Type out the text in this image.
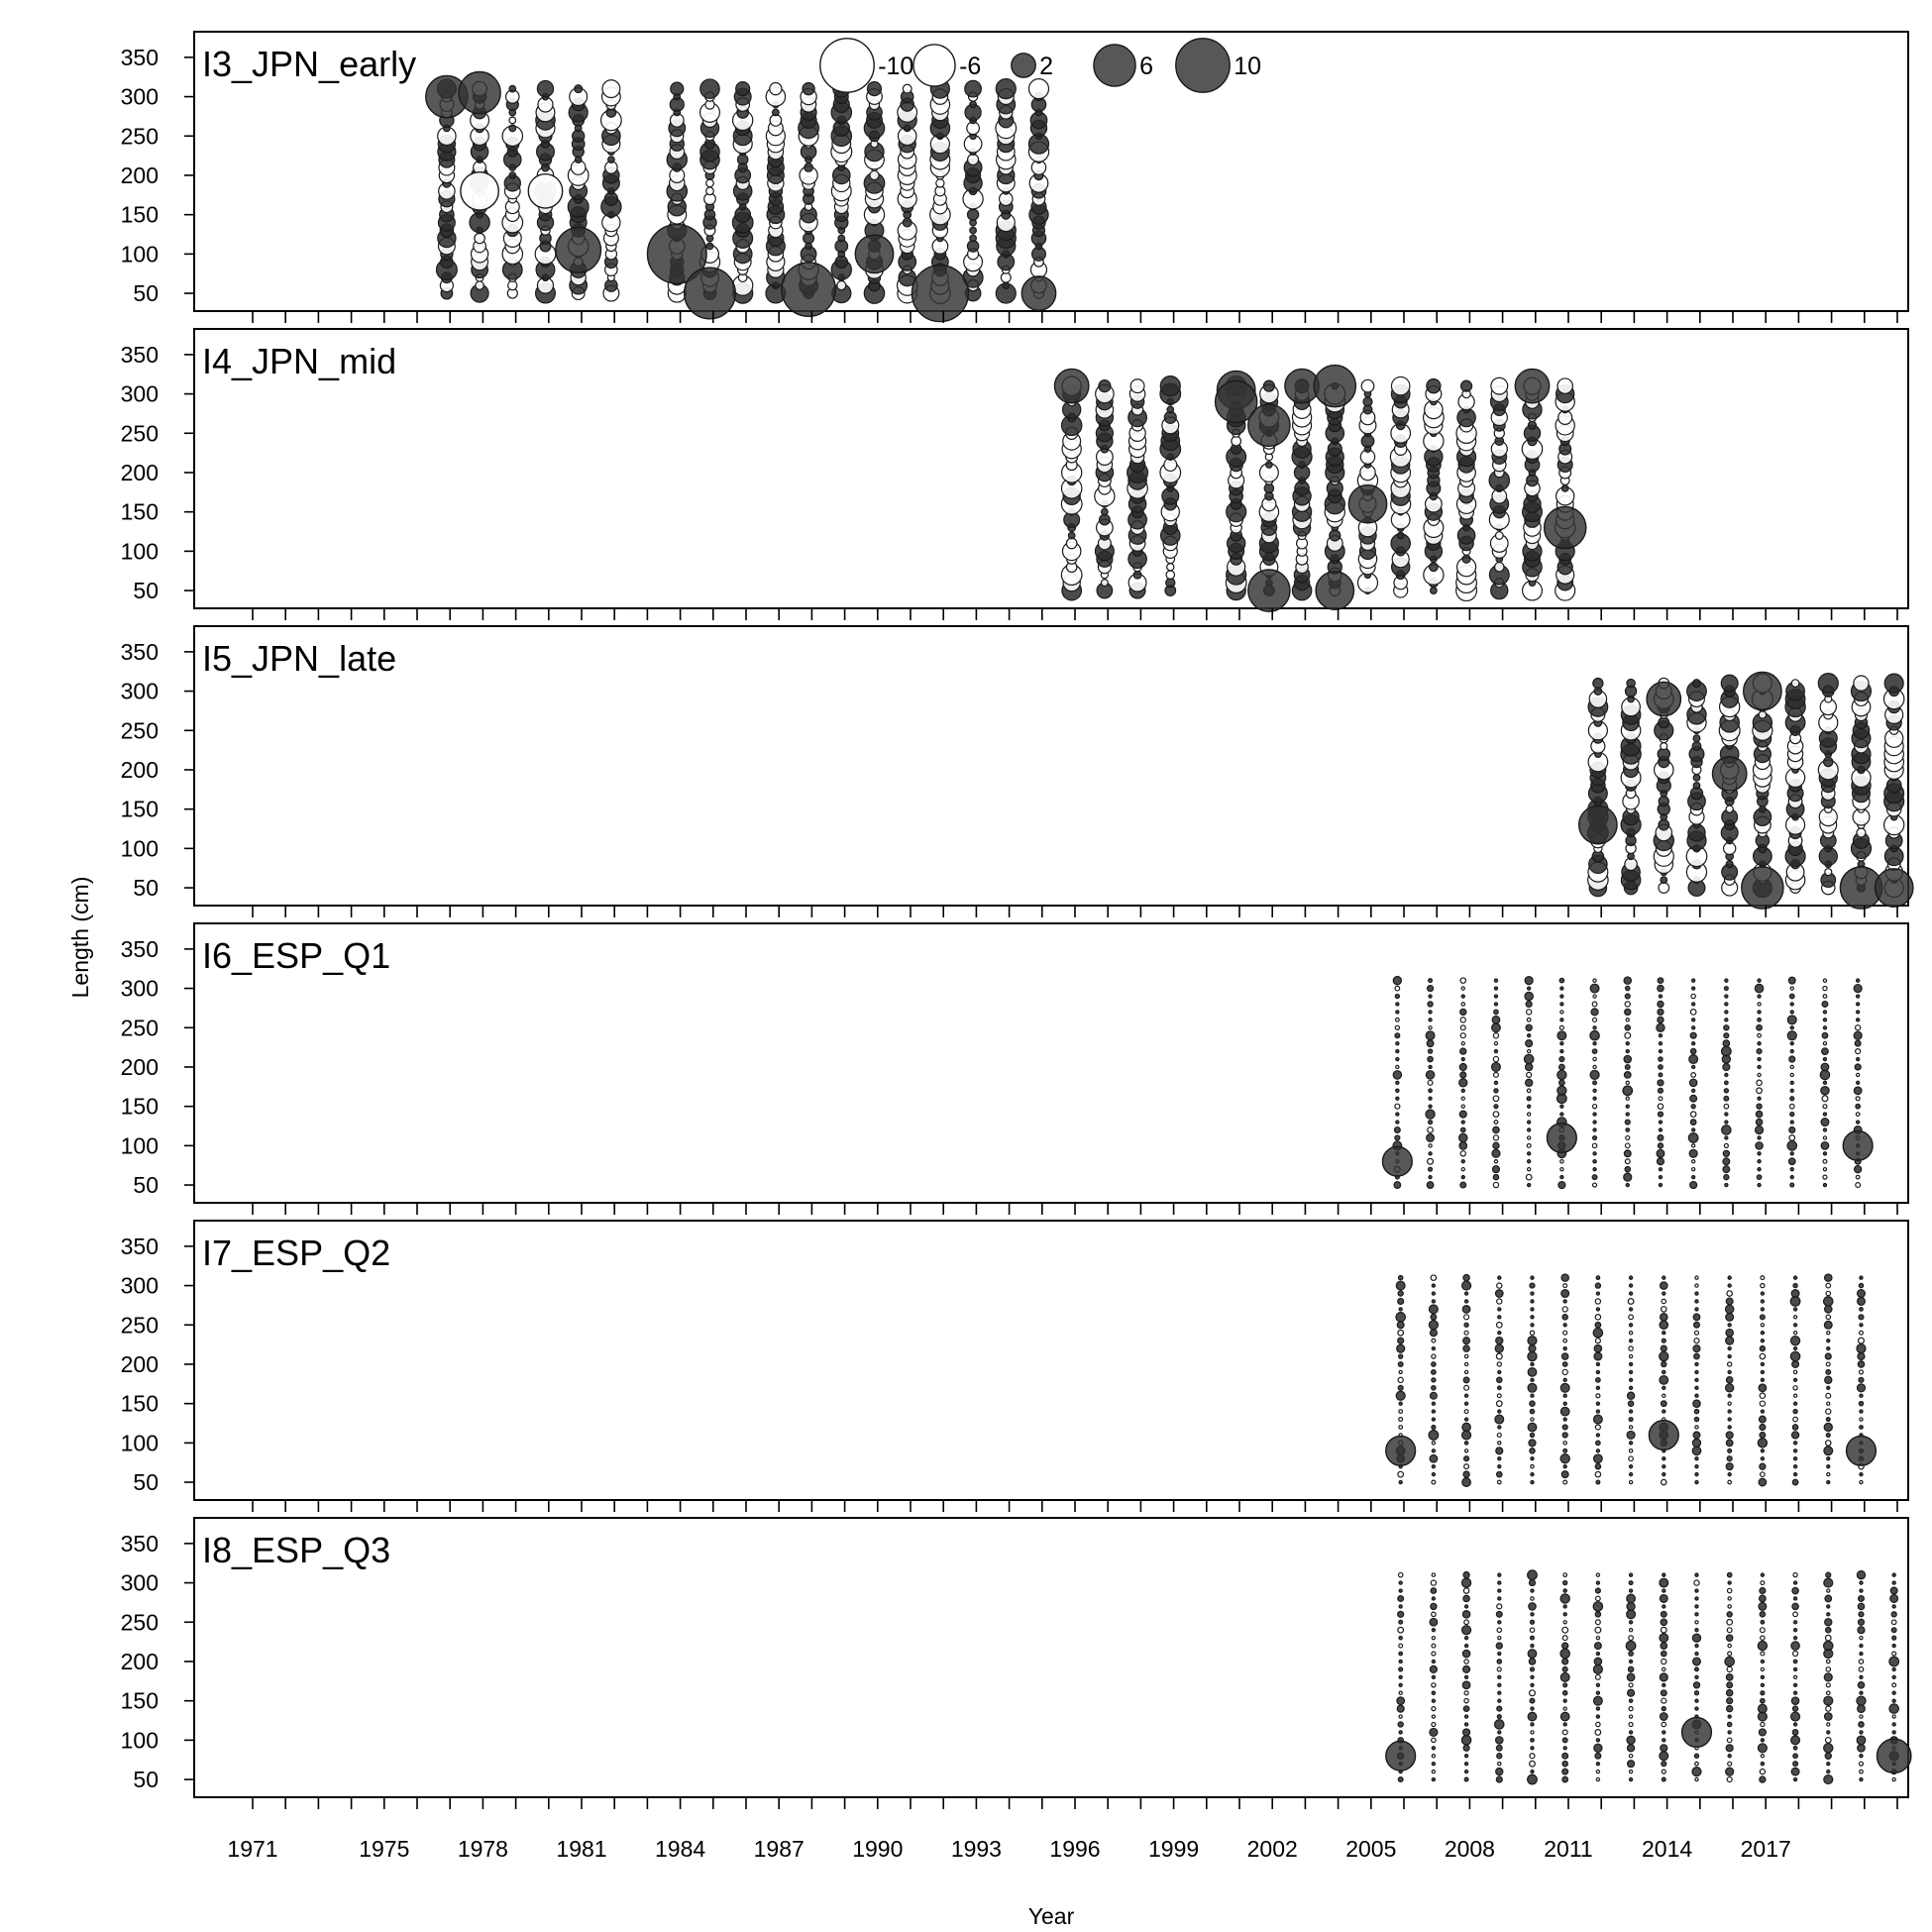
50
100
150
200
250
300
350 I3_JPN_early
50
100
150
200
250
300
350 I4_JPN_mid
50
100
150
200
250
300
350 I5_JPN_late
50
100
150
200
250
300
350 I6_ESP_Q1
50
100
150
200
250
300
350 I7_ESP_Q2
50
100
150
200
250
300
350 I8_ESP_Q3
1971	1975 1978 1981 1984 1987 1990 1993 1996 1999 2002 2005 2008 2011 2014 2017
Year
Length (cm)
-10 -6 2	6	10
